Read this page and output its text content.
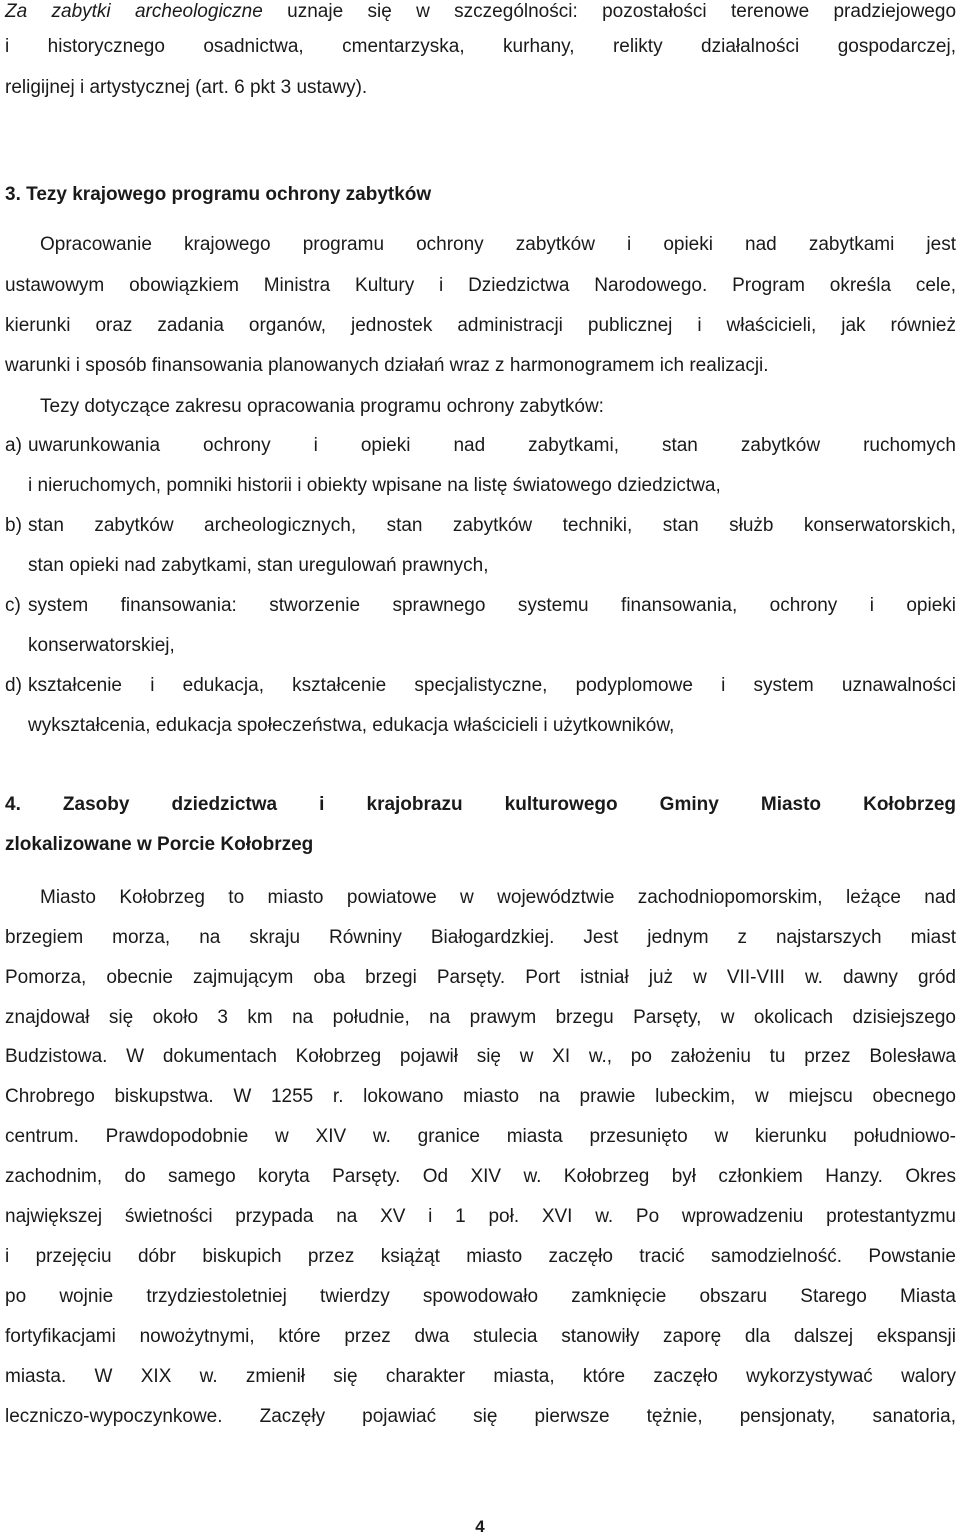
Za zabytki archeologiczne uznaje się w szczególności: pozostałości terenowe pradziejowego
i historycznego osadnictwa, cmentarzyska, kurhany, relikty działalności gospodarczej,
religijnej i artystycznej (art. 6 pkt 3 ustawy).
3. Tezy krajowego programu ochrony zabytków
Opracowanie krajowego programu ochrony zabytków i opieki nad zabytkami jest
ustawowym obowiązkiem Ministra Kultury i Dziedzictwa Narodowego. Program określa cele,
kierunki oraz zadania organów, jednostek administracji publicznej i właścicieli, jak również
warunki i sposób finansowania planowanych działań wraz z harmonogramem ich realizacji.
Tezy dotyczące zakresu opracowania programu ochrony zabytków:
a) uwarunkowania ochrony i opieki nad zabytkami, stan zabytków ruchomych
i nieruchomych, pomniki historii i obiekty wpisane na listę światowego dziedzictwa,
b) stan zabytków archeologicznych, stan zabytków techniki, stan służb konserwatorskich,
stan opieki nad zabytkami, stan uregulowań prawnych,
c) system finansowania: stworzenie sprawnego systemu finansowania, ochrony i opieki
konserwatorskiej,
d) kształcenie i edukacja, kształcenie specjalistyczne, podyplomowe i system uznawalności
wykształcenia, edukacja społeczeństwa, edukacja właścicieli i użytkowników,
4. Zasoby dziedzictwa i krajobrazu kulturowego Gminy Miasto Kołobrzeg
zlokalizowane w Porcie Kołobrzeg
Miasto Kołobrzeg to miasto powiatowe w województwie zachodniopomorskim, leżące nad
brzegiem morza, na skraju Równiny Białogardzkiej. Jest jednym z najstarszych miast
Pomorza, obecnie zajmującym oba brzegi Parsęty. Port istniał już w VII-VIII w. dawny gród
znajdował się około 3 km na południe, na prawym brzegu Parsęty, w okolicach dzisiejszego
Budzistowa. W dokumentach Kołobrzeg pojawił się w XI w., po założeniu tu przez Bolesława
Chrobrego biskupstwa. W 1255 r. lokowano miasto na prawie lubeckim, w miejscu obecnego
centrum. Prawdopodobnie w XIV w. granice miasta przesunięto w kierunku południowo-
zachodnim, do samego koryta Parsęty. Od XIV w. Kołobrzeg był członkiem Hanzy. Okres
największej świetności przypada na XV i 1 poł. XVI w. Po wprowadzeniu protestantyzmu
i przejęciu dóbr biskupich przez książąt miasto zaczęło tracić samodzielność. Powstanie
po wojnie trzydziestoletniej twierdzy spowodowało zamknięcie obszaru Starego Miasta
fortyfikacjami nowożytnymi, które przez dwa stulecia stanowiły zaporę dla dalszej ekspansji
miasta. W XIX w. zmienił się charakter miasta, które zaczęło wykorzystywać walory
leczniczo-wypoczynkowe. Zaczęły pojawiać się pierwsze tężnie, pensjonaty, sanatoria,
4
